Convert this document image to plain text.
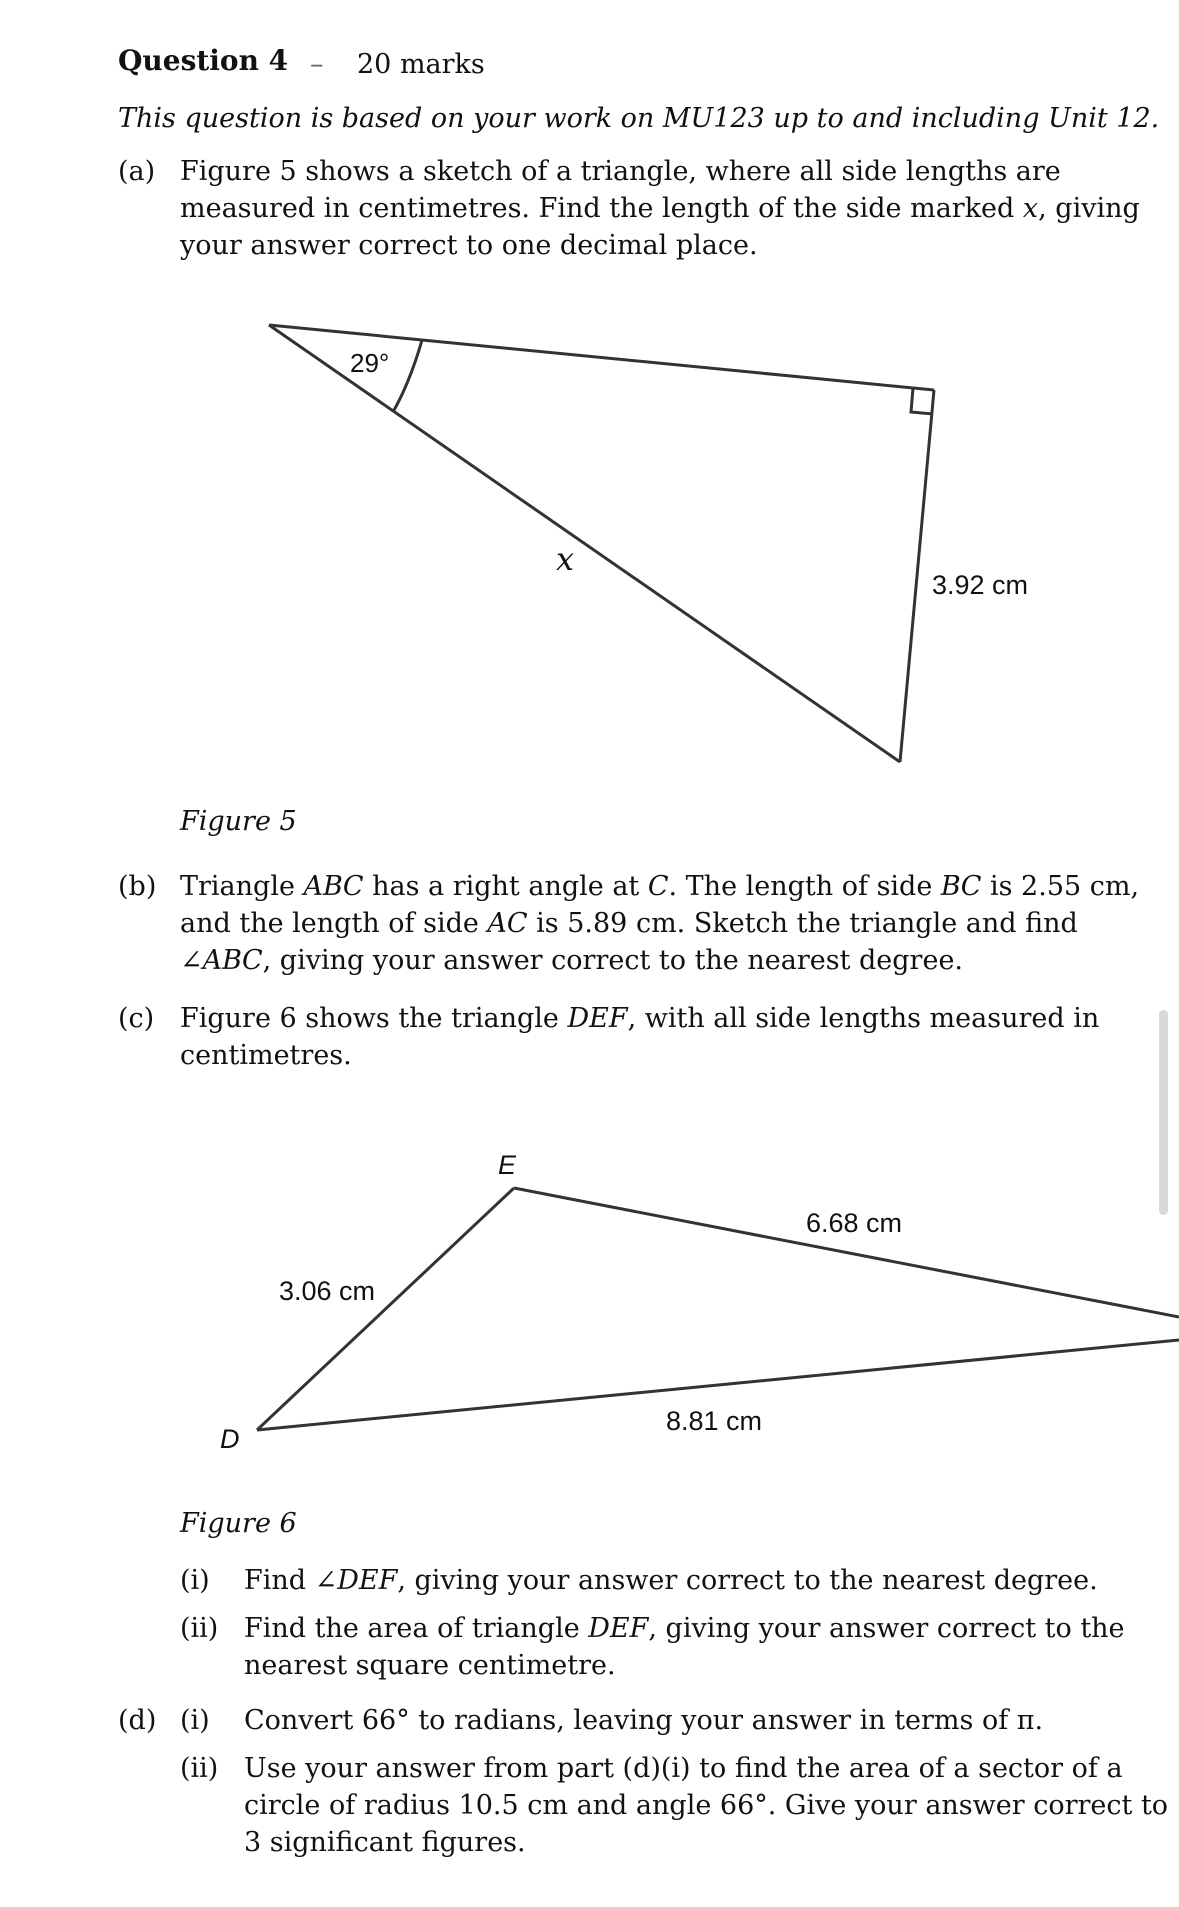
Question 4 – 20 marks
This question is based on your work on MU123 up to and including Unit 12.
(a) Figure 5 shows a sketch of a triangle, where all side lengths are
measured in centimetres. Find the length of the side marked 𝑥, giving
your answer correct to one decimal place.
29°
𝑥
3.92 cm
Figure 5
(b) Triangle 𝐴𝐵𝐶 has a right angle at 𝐶. The length of side 𝐵𝐶 is 2.55 cm,
and the length of side 𝐴𝐶 is 5.89 cm. Sketch the triangle and find
∠𝐴𝐵𝐶, giving your answer correct to the nearest degree.
(c) Figure 6 shows the triangle 𝐷𝐸𝐹, with all side lengths measured in
centimetres.
E
D
3.06 cm
6.68 cm
8.81 cm
Figure 6
(i) Find ∠𝐷𝐸𝐹, giving your answer correct to the nearest degree.
(ii) Find the area of triangle 𝐷𝐸𝐹, giving your answer correct to the
nearest square centimetre.
(d) (i) Convert 66° to radians, leaving your answer in terms of π.
(ii) Use your answer from part (d)(i) to find the area of a sector of a
circle of radius 10.5 cm and angle 66°. Give your answer correct to
3 significant figures.
